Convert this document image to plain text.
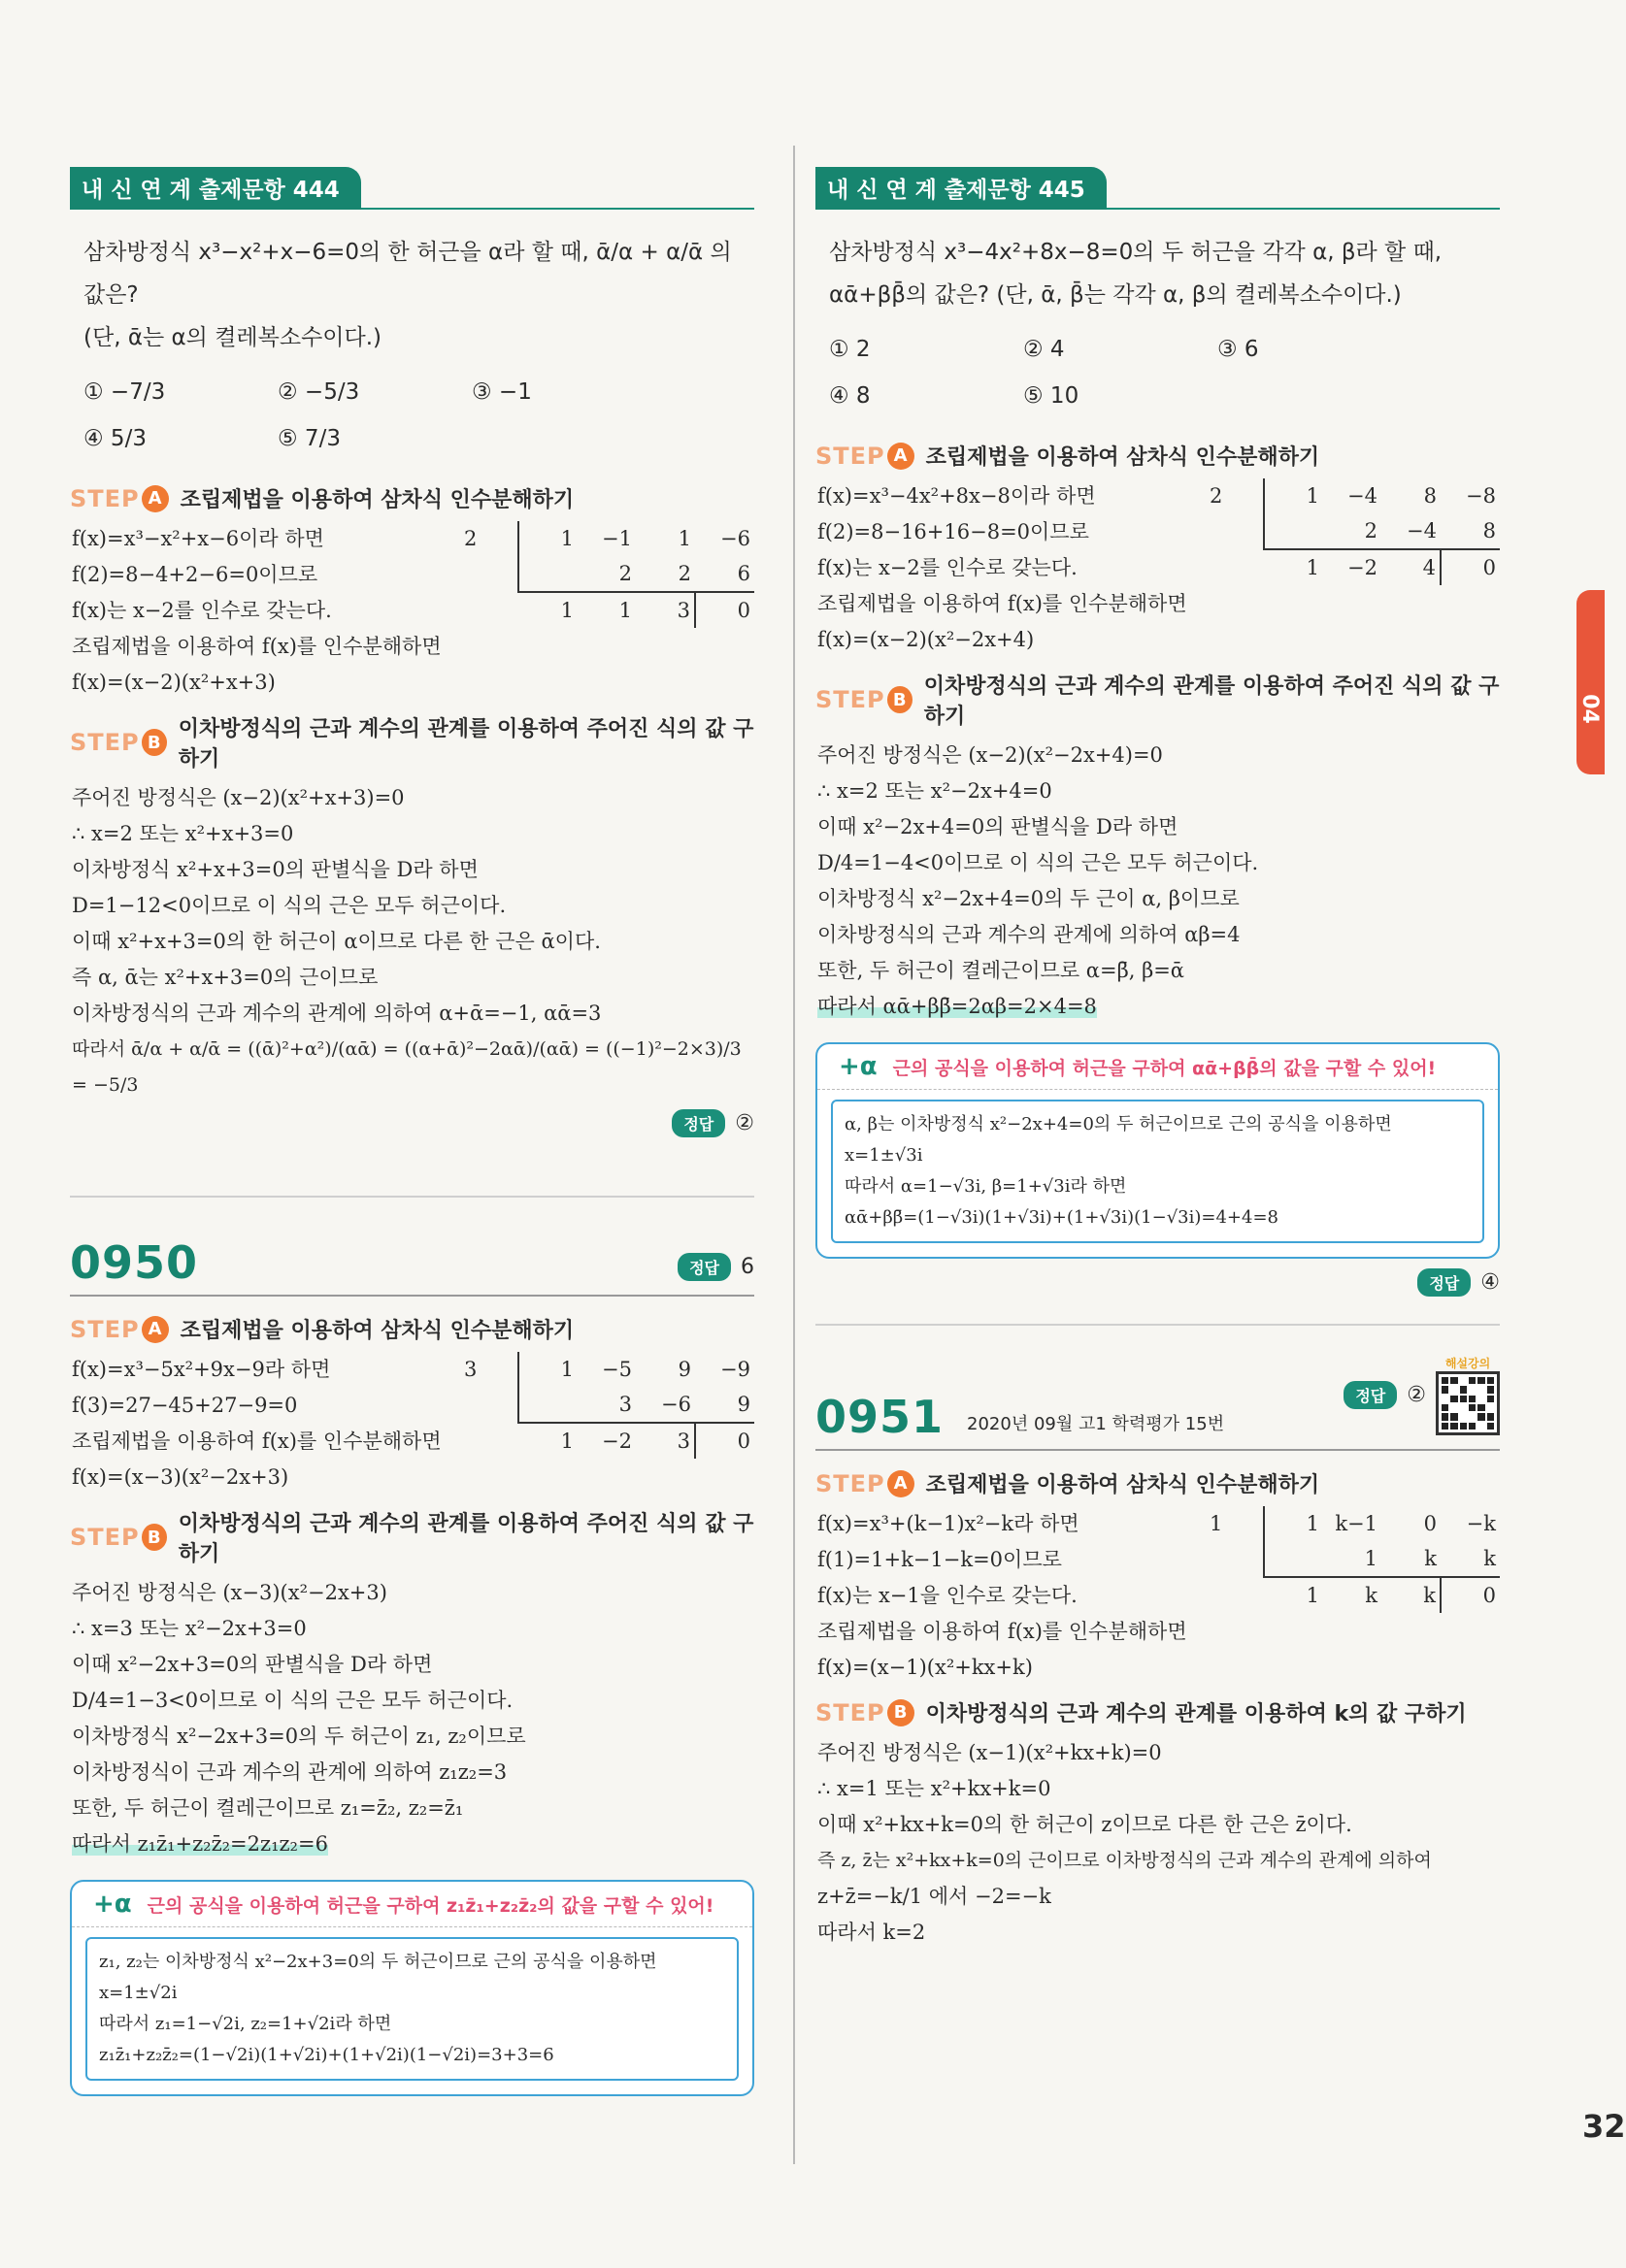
내 신 연 계 출제문항 444
삼차방정식 x³−x²+x−6=0의 한 허근을 α라 할 때, ᾱ/α + α/ᾱ 의 값은?
(단, ᾱ는 α의 켤레복소수이다.)
① −7/3	② −5/3	③ −1
④ 5/3	⑤ 7/3
STEP A 조립제법을 이용하여 삼차식 인수분해하기
2	1	−1	1	−6
		2	2	6
	1	1	3	0
f(x)=x³−x²+x−6이라 하면
f(2)=8−4+2−6=0이므로
f(x)는 x−2를 인수로 갖는다.
조립제법을 이용하여 f(x)를 인수분해하면
f(x)=(x−2)(x²+x+3)
STEP B
이차방정식의 근과 계수의 관계를 이용하여 주어진 식의 값 구하기
주어진 방정식은 (x−2)(x²+x+3)=0
∴ x=2 또는 x²+x+3=0
이차방정식 x²+x+3=0의 판별식을 D라 하면
D=1−12<0이므로 이 식의 근은 모두 허근이다.
이때 x²+x+3=0의 한 허근이 α이므로 다른 한 근은 ᾱ이다.
즉 α, ᾱ는 x²+x+3=0의 근이므로
이차방정식의 근과 계수의 관계에 의하여 α+ᾱ=−1, αᾱ=3
따라서 ᾱ/α + α/ᾱ = ((ᾱ)²+α²)/(αᾱ) = ((α+ᾱ)²−2αᾱ)/(αᾱ) = ((−1)²−2×3)/3 = −5/3
정답	②
0950	정답	6
STEP A 조립제법을 이용하여 삼차식 인수분해하기
3	1	−5	9	−9
		3	−6	9
	1	−2	3	0
f(x)=x³−5x²+9x−9라 하면
f(3)=27−45+27−9=0
조립제법을 이용하여 f(x)를 인수분해하면
f(x)=(x−3)(x²−2x+3)
STEP B
이차방정식의 근과 계수의 관계를 이용하여 주어진 식의 값 구하기
주어진 방정식은 (x−3)(x²−2x+3)
∴ x=3 또는 x²−2x+3=0
이때 x²−2x+3=0의 판별식을 D라 하면
D/4=1−3<0이므로 이 식의 근은 모두 허근이다.
이차방정식 x²−2x+3=0의 두 허근이 z₁, z₂이므로
이차방정식이 근과 계수의 관계에 의하여 z₁z₂=3
또한, 두 허근이 켤레근이므로 z₁=z̄₂, z₂=z̄₁
따라서 z₁z̄₁+z₂z̄₂=2z₁z₂=6
+α 근의 공식을 이용하여 허근을 구하여 z₁z̄₁+z₂z̄₂의 값을 구할 수 있어!
z₁, z₂는 이차방정식 x²−2x+3=0의 두 허근이므로 근의 공식을 이용하면
x=1±√2i
따라서 z₁=1−√2i, z₂=1+√2i라 하면
z₁z̄₁+z₂z̄₂=(1−√2i)(1+√2i)+(1+√2i)(1−√2i)=3+3=6
내 신 연 계 출제문항 445
삼차방정식 x³−4x²+8x−8=0의 두 허근을 각각 α, β라 할 때,
αᾱ+ββ̄의 값은? (단, ᾱ, β̄는 각각 α, β의 켤레복소수이다.)
① 2	② 4	③ 6
④ 8	⑤ 10
STEP A 조립제법을 이용하여 삼차식 인수분해하기
2	1	−4	8	−8
		2	−4	8
	1	−2	4	0
f(x)=x³−4x²+8x−8이라 하면
f(2)=8−16+16−8=0이므로
f(x)는 x−2를 인수로 갖는다.
조립제법을 이용하여 f(x)를 인수분해하면
f(x)=(x−2)(x²−2x+4)
STEP B
이차방정식의 근과 계수의 관계를 이용하여 주어진 식의 값 구하기
주어진 방정식은 (x−2)(x²−2x+4)=0
∴ x=2 또는 x²−2x+4=0
이때 x²−2x+4=0의 판별식을 D라 하면
D/4=1−4<0이므로 이 식의 근은 모두 허근이다.
이차방정식 x²−2x+4=0의 두 근이 α, β이므로
이차방정식의 근과 계수의 관계에 의하여 αβ=4
또한, 두 허근이 켤레근이므로 α=β̄, β=ᾱ
따라서 αᾱ+ββ̄=2αβ=2×4=8
+α 근의 공식을 이용하여 허근을 구하여 αᾱ+ββ̄의 값을 구할 수 있어!
α, β는 이차방정식 x²−2x+4=0의 두 허근이므로 근의 공식을 이용하면
x=1±√3i
따라서 α=1−√3i, β=1+√3i라 하면
αᾱ+ββ̄=(1−√3i)(1+√3i)+(1+√3i)(1−√3i)=4+4=8
정답	④
0951 2020년 09월 고1 학력평가 15번
정답	②
해설강의
STEP A 조립제법을 이용하여 삼차식 인수분해하기
1	1	k−1	0	−k
		1	k	k
	1	k	k	0
f(x)=x³+(k−1)x²−k라 하면
f(1)=1+k−1−k=0이므로
f(x)는 x−1을 인수로 갖는다.
조립제법을 이용하여 f(x)를 인수분해하면
f(x)=(x−1)(x²+kx+k)
STEP B 이차방정식의 근과 계수의 관계를 이용하여 k의 값 구하기
주어진 방정식은 (x−1)(x²+kx+k)=0
∴ x=1 또는 x²+kx+k=0
이때 x²+kx+k=0의 한 허근이 z이므로 다른 한 근은 z̄이다.
즉 z, z̄는 x²+kx+k=0의 근이므로 이차방정식의 근과 계수의 관계에 의하여
z+z̄=−k/1 에서 −2=−k
따라서 k=2
04
32
